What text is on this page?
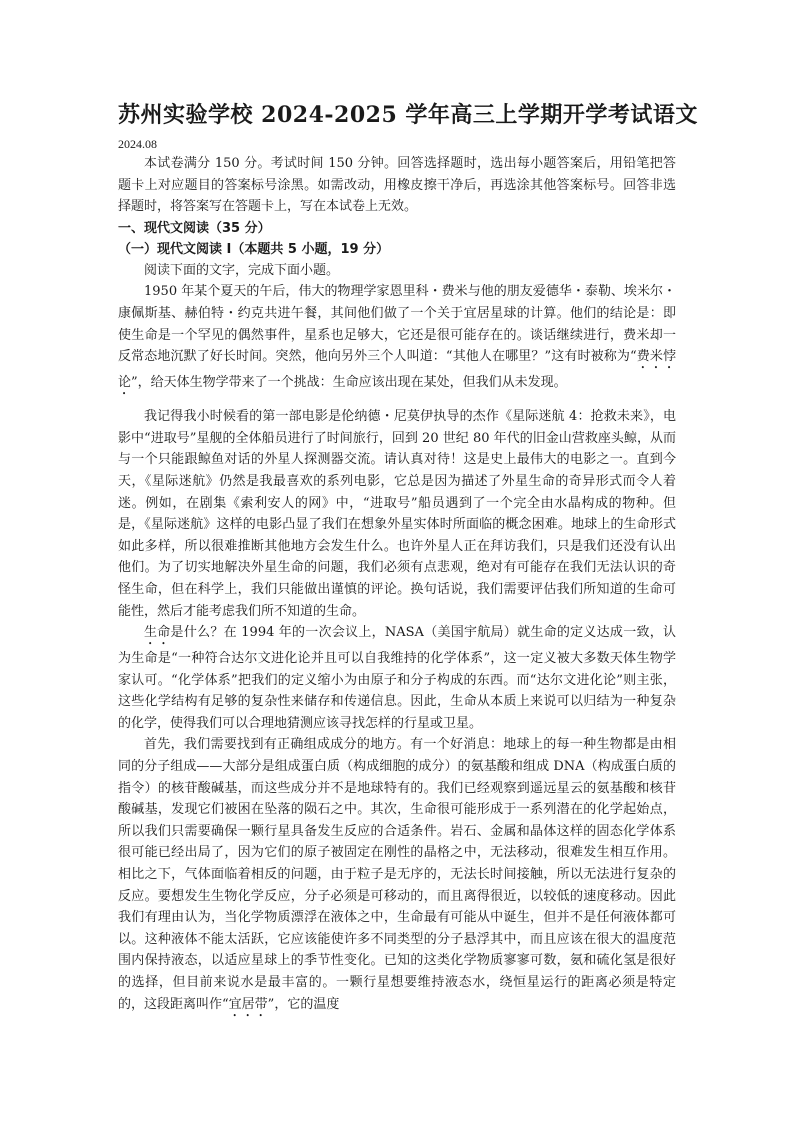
苏州实验学校 2024-2025 学年高三上学期开学考试语文

2024.08

本试卷满分 150 分。考试时间 150 分钟。回答选择题时，选出每小题答案后，用铅笔把答题卡上对应题目的答案标号涂黑。如需改动，用橡皮擦干净后，再选涂其他答案标号。回答非选择题时，将答案写在答题卡上，写在本试卷上无效。

一、现代文阅读（35 分）

（一）现代文阅读 I（本题共 5 小题，19 分）

阅读下面的文字，完成下面小题。

1950 年某个夏天的午后，伟大的物理学家恩里科・费米与他的朋友爱德华・泰勒、埃米尔・康佩斯基、赫伯特・约克共进午餐，其间他们做了一个关于宜居星球的计算。他们的结论是：即使生命是一个罕见的偶然事件，星系也足够大，它还是很可能存在的。谈话继续进行，费米却一反常态地沉默了好长时间。突然，他向另外三个人叫道：“其他人在哪里？”这有时被称为“费米悖论”，给天体生物学带来了一个挑战：生命应该出现在某处，但我们从未发现。

我记得我小时候看的第一部电影是伦纳德・尼莫伊执导的杰作《星际迷航 4：抢救未来》，电影中“进取号”星舰的全体船员进行了时间旅行，回到 20 世纪 80 年代的旧金山营救座头鲸，从而与一个只能跟鲸鱼对话的外星人探测器交流。请认真对待！这是史上最伟大的电影之一。直到今天，《星际迷航》仍然是我最喜欢的系列电影，它总是因为描述了外星生命的奇异形式而令人着迷。例如，在剧集《索利安人的网》中，“进取号”船员遇到了一个完全由水晶构成的物种。但是，《星际迷航》这样的电影凸显了我们在想象外星实体时所面临的概念困难。地球上的生命形式如此多样，所以很难推断其他地方会发生什么。也许外星人正在拜访我们，只是我们还没有认出他们。为了切实地解决外星生命的问题，我们必须有点悲观，绝对有可能存在我们无法认识的奇怪生命，但在科学上，我们只能做出谨慎的评论。换句话说，我们需要评估我们所知道的生命可能性，然后才能考虑我们所不知道的生命。

生命是什么？在 1994 年的一次会议上，NASA（美国宇航局）就生命的定义达成一致，认为生命是“一种符合达尔文进化论并且可以自我维持的化学体系”，这一定义被大多数天体生物学家认可。“化学体系”把我们的定义缩小为由原子和分子构成的东西。而“达尔文进化论”则主张，这些化学结构有足够的复杂性来储存和传递信息。因此，生命从本质上来说可以归结为一种复杂的化学，使得我们可以合理地猜测应该寻找怎样的行星或卫星。

首先，我们需要找到有正确组成成分的地方。有一个好消息：地球上的每一种生物都是由相同的分子组成——大部分是组成蛋白质（构成细胞的成分）的氨基酸和组成 DNA（构成蛋白质的指令）的核苷酸碱基，而这些成分并不是地球特有的。我们已经观察到遥远星云的氨基酸和核苷酸碱基，发现它们被困在坠落的陨石之中。其次，生命很可能形成于一系列潜在的化学起始点，所以我们只需要确保一颗行星具备发生反应的合适条件。岩石、金属和晶体这样的固态化学体系很可能已经出局了，因为它们的原子被固定在刚性的晶格之中，无法移动，很难发生相互作用。相比之下，气体面临着相反的问题，由于粒子是无序的，无法长时间接触，所以无法进行复杂的反应。要想发生生物化学反应，分子必须是可移动的，而且离得很近，以较低的速度移动。因此我们有理由认为，当化学物质漂浮在液体之中，生命最有可能从中诞生，但并不是任何液体都可以。这种液体不能太活跃，它应该能使许多不同类型的分子悬浮其中，而且应该在很大的温度范围内保持液态，以适应星球上的季节性变化。已知的这类化学物质寥寥可数，氨和硫化氢是很好的选择，但目前来说水是最丰富的。一颗行星想要维持液态水，绕恒星运行的距离必须是特定的，这段距离叫作“宜居带”，它的温度
